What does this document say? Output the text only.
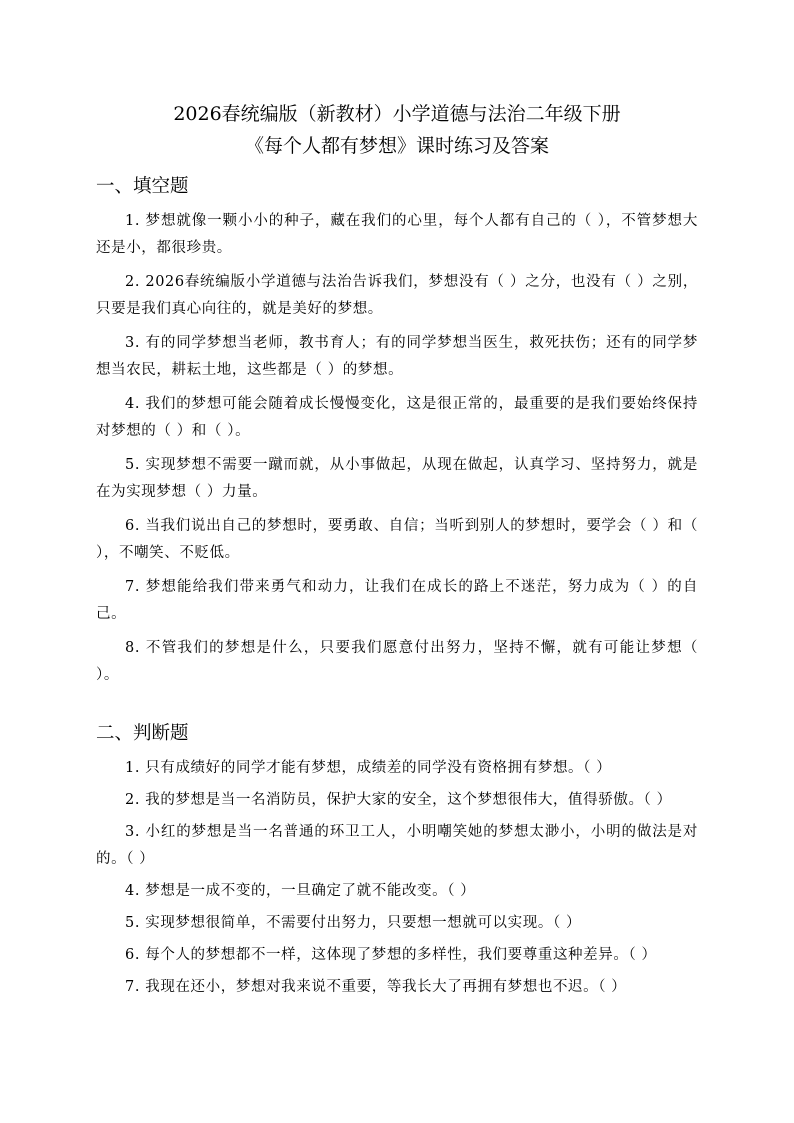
2026春统编版（新教材）小学道德与法治二年级下册
《每个人都有梦想》课时练习及答案
一、填空题
1. 梦想就像一颗小小的种子，藏在我们的心里，每个人都有自己的（ ），不管梦想大还是小，都很珍贵。
2. 2026春统编版小学道德与法治告诉我们，梦想没有（ ）之分，也没有（ ）之别，只要是我们真心向往的，就是美好的梦想。
3. 有的同学梦想当老师，教书育人；有的同学梦想当医生，救死扶伤；还有的同学梦想当农民，耕耘土地，这些都是（ ）的梦想。
4. 我们的梦想可能会随着成长慢慢变化，这是很正常的，最重要的是我们要始终保持对梦想的（ ）和（ ）。
5. 实现梦想不需要一蹴而就，从小事做起，从现在做起，认真学习、坚持努力，就是在为实现梦想（ ）力量。
6. 当我们说出自己的梦想时，要勇敢、自信；当听到别人的梦想时，要学会（ ）和（ ），不嘲笑、不贬低。
7. 梦想能给我们带来勇气和动力，让我们在成长的路上不迷茫，努力成为（ ）的自己。
8. 不管我们的梦想是什么，只要我们愿意付出努力，坚持不懈，就有可能让梦想（ ）。
二、判断题
1. 只有成绩好的同学才能有梦想，成绩差的同学没有资格拥有梦想。（ ）
2. 我的梦想是当一名消防员，保护大家的安全，这个梦想很伟大，值得骄傲。（ ）
3. 小红的梦想是当一名普通的环卫工人，小明嘲笑她的梦想太渺小，小明的做法是对的。（ ）
4. 梦想是一成不变的，一旦确定了就不能改变。（ ）
5. 实现梦想很简单，不需要付出努力，只要想一想就可以实现。（ ）
6. 每个人的梦想都不一样，这体现了梦想的多样性，我们要尊重这种差异。（ ）
7. 我现在还小，梦想对我来说不重要，等我长大了再拥有梦想也不迟。（ ）
